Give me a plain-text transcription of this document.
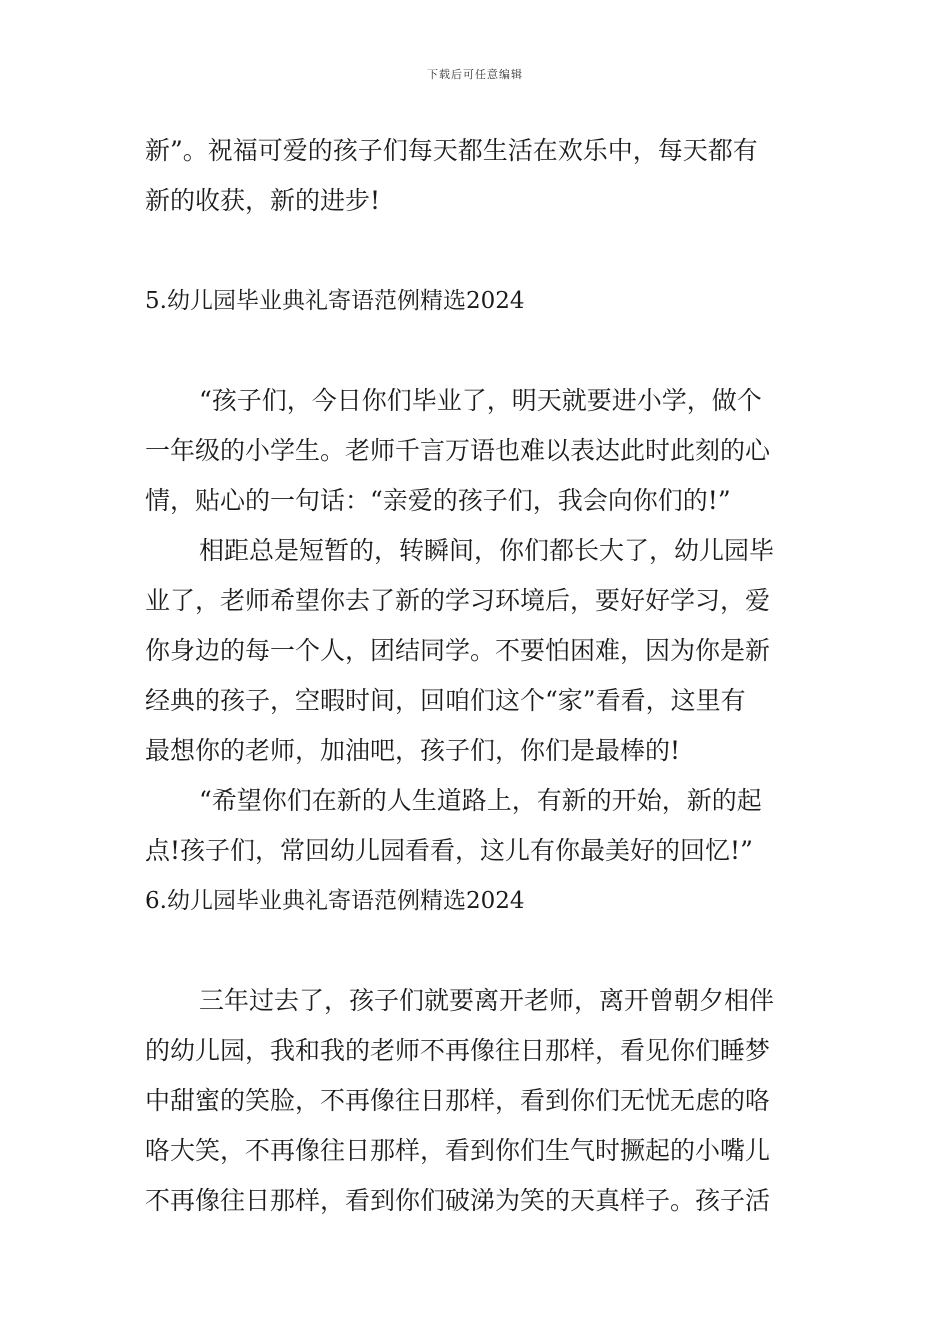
下载后可任意编辑
新”。祝福可爱的孩子们每天都生活在欢乐中，每天都有
新的收获，新的进步!
5.幼儿园毕业典礼寄语范例精选2024
“孩子们，今日你们毕业了，明天就要进小学，做个
一年级的小学生。老师千言万语也难以表达此时此刻的心
情，贴心的一句话：“亲爱的孩子们，我会向你们的!”
相距总是短暂的，转瞬间，你们都长大了，幼儿园毕
业了，老师希望你去了新的学习环境后，要好好学习，爱
你身边的每一个人，团结同学。不要怕困难，因为你是新
经典的孩子，空暇时间，回咱们这个“家”看看，这里有
最想你的老师，加油吧，孩子们，你们是最棒的!
“希望你们在新的人生道路上，有新的开始，新的起
点!孩子们，常回幼儿园看看，这儿有你最美好的回忆!”
6.幼儿园毕业典礼寄语范例精选2024
三年过去了，孩子们就要离开老师，离开曾朝夕相伴
的幼儿园，我和我的老师不再像往日那样，看见你们睡梦
中甜蜜的笑脸，不再像往日那样，看到你们无忧无虑的咯
咯大笑，不再像往日那样，看到你们生气时撅起的小嘴儿
不再像往日那样，看到你们破涕为笑的天真样子。孩子活
